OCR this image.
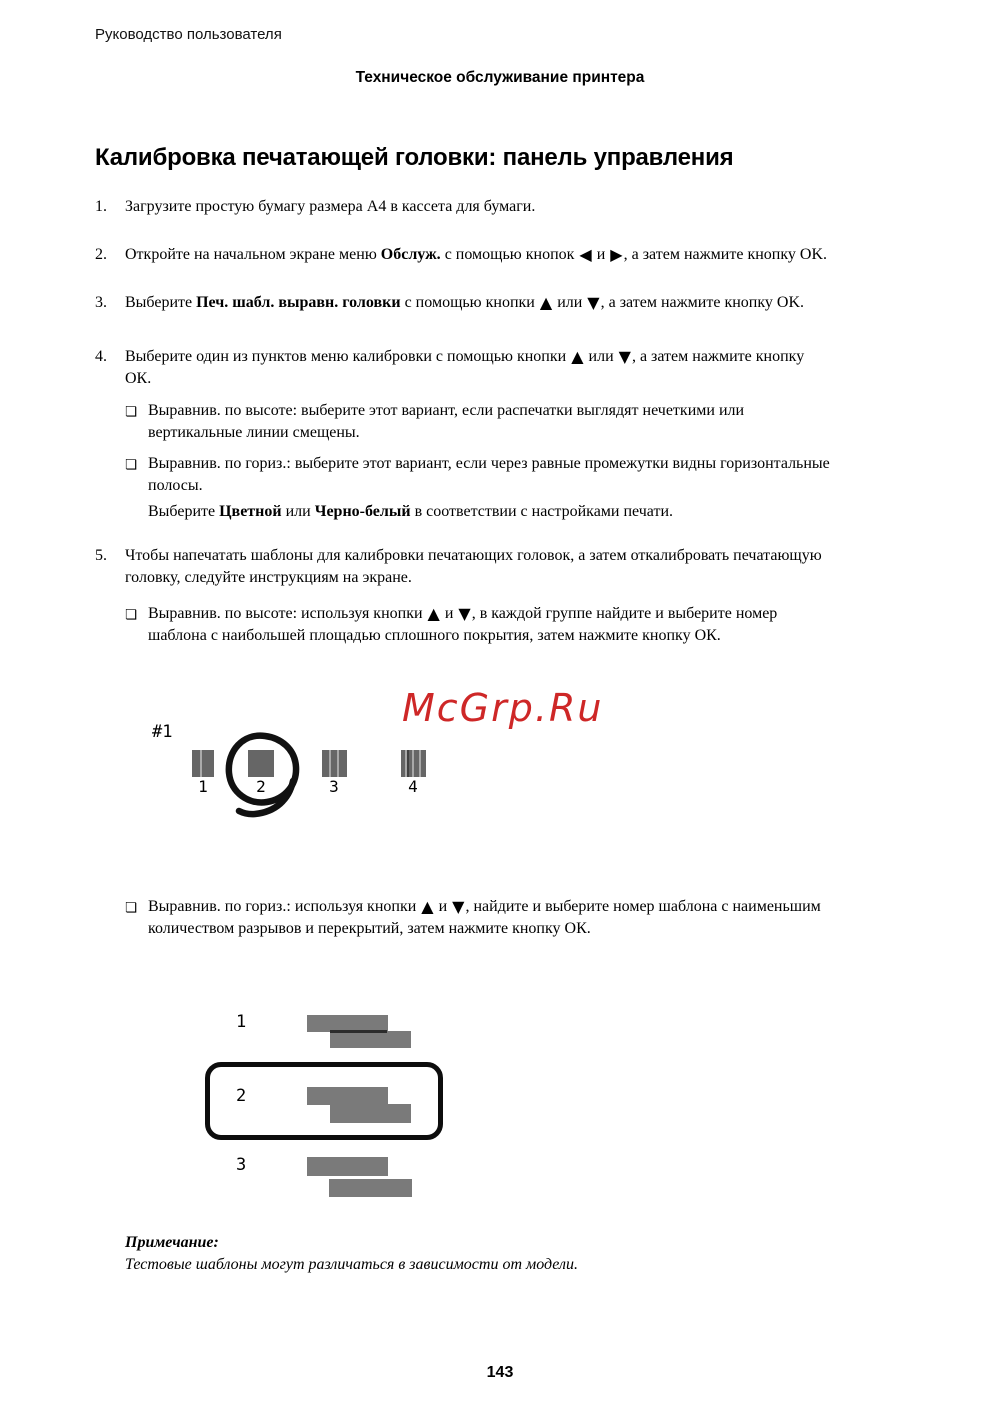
Руководство пользователя
Техническое обслуживание принтера
Калибровка печатающей головки: панель управления
1. Загрузите простую бумагу размера A4 в кассета для бумаги.
2. Откройте на начальном экране меню Обслуж. с помощью кнопок ◀ и ▶, а затем нажмите кнопку OK.
3. Выберите Печ. шабл. выравн. головки с помощью кнопки ▲ или ▼, а затем нажмите кнопку OK.
4. Выберите один из пунктов меню калибровки с помощью кнопки ▲ или ▼, а затем нажмите кнопку
ОК.
❏ Выравнив. по высоте: выберите этот вариант, если распечатки выглядят нечеткими или
вертикальные линии смещены.

❏ Выравнив. по гориз.: выберите этот вариант, если через равные промежутки видны горизонтальные
полосы.

Выберите Цветной или Черно-белый в соответствии с настройками печати.

5. Чтобы напечатать шаблоны для калибровки печатающих головок, а затем откалибровать печатающую
головку, следуйте инструкциям на экране.
❏ Выравнив. по высоте: используя кнопки ▲ и ▼, в каждой группе найдите и выберите номер
шаблона с наибольшей площадью сплошного покрытия, затем нажмите кнопку ОК.

McGrp.Ru
#1
1	2	3	4
❏ Выравнив. по гориз.: используя кнопки ▲ и ▼, найдите и выберите номер шаблона с наименьшим
количеством разрывов и перекрытий, затем нажмите кнопку ОК.

1
2
3
Примечание:
Тестовые шаблоны могут различаться в зависимости от модели.
143
